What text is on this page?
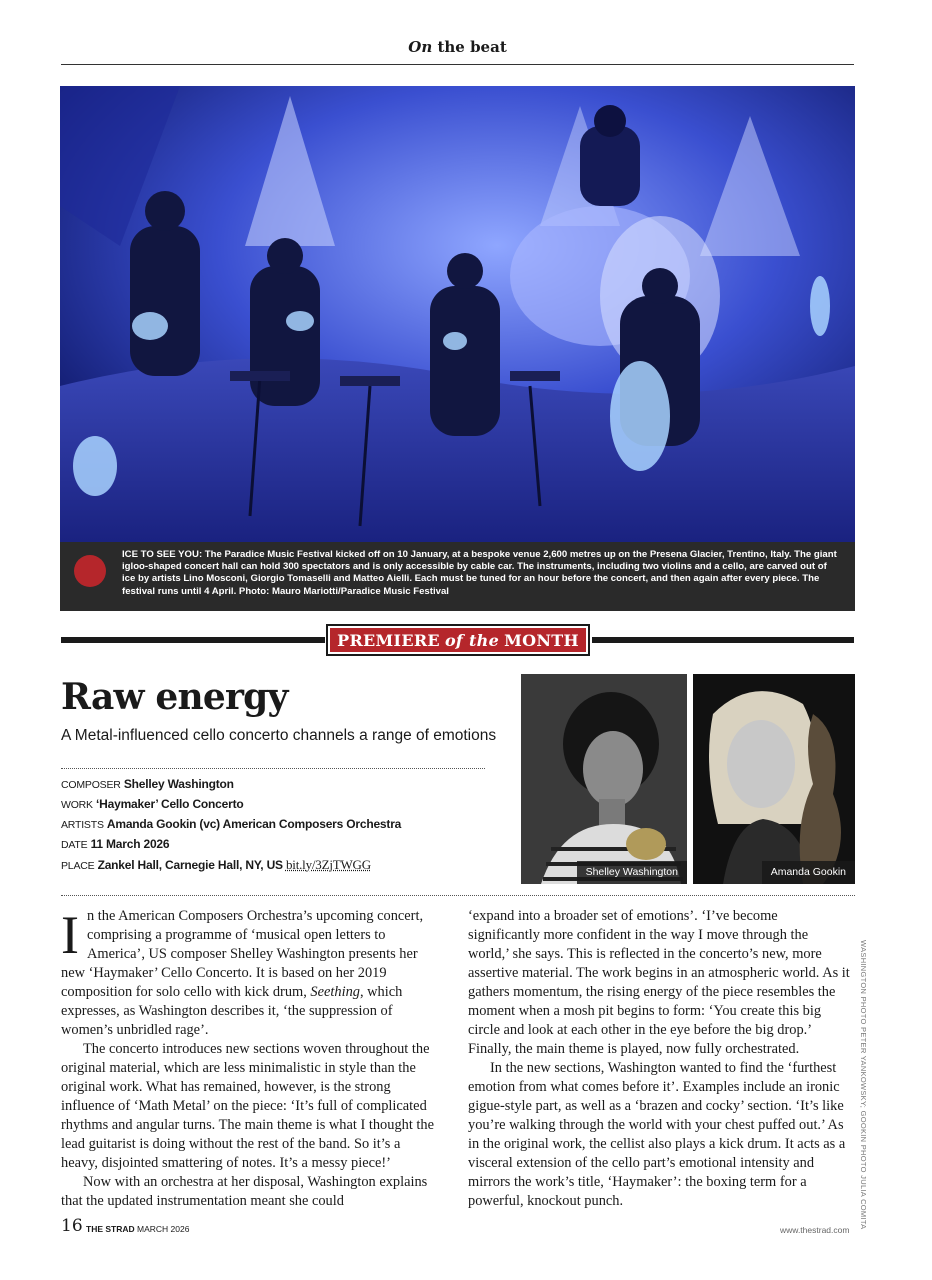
On the beat
ICE TO SEE YOU: The Paradice Music Festival kicked off on 10 January, at a bespoke venue 2,600 metres up on the Presena Glacier, Trentino, Italy. The giant igloo-shaped concert hall can hold 300 spectators and is only accessible by cable car. The instruments, including two violins and a cello, are carved out of ice by artists Lino Mosconi, Giorgio Tomaselli and Matteo Aielli. Each must be tuned for an hour before the concert, and then again after every piece. The festival runs until 4 April. Photo: Mauro Mariotti/Paradice Music Festival
PREMIERE of the MONTH
Raw energy
A Metal-influenced cello concerto channels a range of emotions
COMPOSER Shelley Washington
WORK ‘Haymaker’ Cello Concerto
ARTISTS Amanda Gookin (vc) American Composers Orchestra
DATE 11 March 2026
PLACE Zankel Hall, Carnegie Hall, NY, US bit.ly/3ZjTWGG	Shelley Washington	Amanda Gookin

In the American Composers Orchestra’s upcoming concert, comprising a programme of ‘musical open letters to America’, US composer Shelley Washington presents her new ‘Haymaker’ Cello Concerto. It is based on her 2019 composition for solo cello with kick drum, Seething, which expresses, as Washington describes it, ‘the suppression of women’s unbridled rage’.

The concerto introduces new sections woven throughout the original material, which are less minimalistic in style than the original work. What has remained, however, is the strong influence of ‘Math Metal’ on the piece: ‘It’s full of complicated rhythms and angular turns. The main theme is what I thought the lead guitarist is doing without the rest of the band. So it’s a heavy, disjointed smattering of notes. It’s a messy piece!’

Now with an orchestra at her disposal, Washington explains that the updated instrumentation meant she could

‘expand into a broader set of emotions’. ‘I’ve become significantly more confident in the way I move through the world,’ she says. This is reflected in the concerto’s new, more assertive material. The work begins in an atmospheric world. As it gathers momentum, the rising energy of the piece resembles the moment when a mosh pit begins to form: ‘You create this big circle and look at each other in the eye before the big drop.’ Finally, the main theme is played, now fully orchestrated.

In the new sections, Washington wanted to find the ‘furthest emotion from what comes before it’. Examples include an ironic gigue-style part, as well as a ‘brazen and cocky’ section. ‘It’s like you’re walking through the world with your chest puffed out.’ As in the original work, the cellist also plays a kick drum. It acts as a visceral extension of the cello part’s emotional intensity and mirrors the work’s title, ‘Haymaker’: the boxing term for a powerful, knockout punch.	WASHINGTON PHOTO PETER YANKOWSKY; GOOKIN PHOTO JULIA COMITA
16 THE STRAD MARCH 2026	www.thestrad.com
